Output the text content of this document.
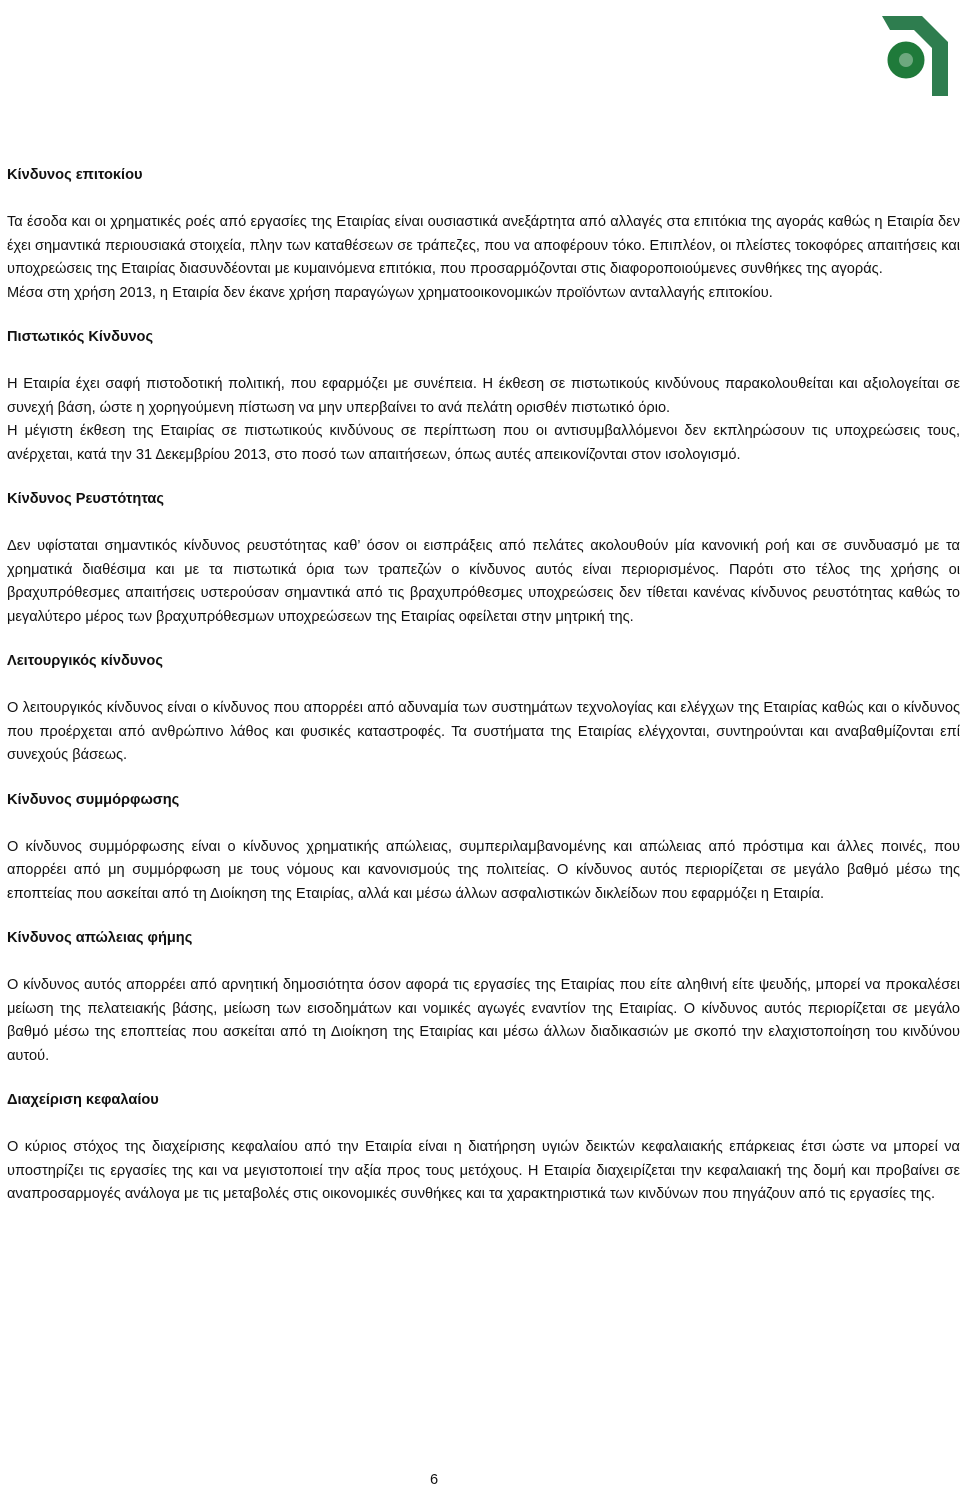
Κίνδυνος επιτοκίου

Τα έσοδα και οι χρηματικές ροές από εργασίες της Εταιρίας είναι ουσιαστικά ανεξάρτητα από αλλαγές στα επιτόκια της αγοράς καθώς η Εταιρία δεν έχει σημαντικά περιουσιακά στοιχεία, πλην των καταθέσεων σε τράπεζες, που να αποφέρουν τόκο. Επιπλέον, οι πλείστες τοκοφόρες απαιτήσεις και υποχρεώσεις της Εταιρίας διασυνδέονται με κυμαινόμενα επιτόκια, που προσαρμόζονται στις διαφοροποιούμενες συνθήκες της αγοράς.

Μέσα στη χρήση 2013, η Εταιρία δεν έκανε χρήση παραγώγων χρηματοοικονομικών προϊόντων ανταλλαγής επιτοκίου.

Πιστωτικός Κίνδυνος

Η Εταιρία έχει σαφή πιστοδοτική πολιτική, που εφαρμόζει με συνέπεια. Η έκθεση σε πιστωτικούς κινδύνους παρακολουθείται και αξιολογείται σε συνεχή βάση, ώστε η χορηγούμενη πίστωση να μην υπερβαίνει το ανά πελάτη ορισθέν πιστωτικό όριο.

Η μέγιστη έκθεση της Εταιρίας σε πιστωτικούς κινδύνους σε περίπτωση που οι αντισυμβαλλόμενοι δεν εκπληρώσουν τις υποχρεώσεις τους, ανέρχεται, κατά την 31 Δεκεμβρίου 2013, στο ποσό των απαιτήσεων, όπως αυτές απεικονίζονται στον ισολογισμό.

Κίνδυνος Ρευστότητας

Δεν υφίσταται σημαντικός κίνδυνος ρευστότητας καθ’ όσον οι εισπράξεις από πελάτες ακολουθούν μία κανονική ροή και σε συνδυασμό με τα χρηματικά διαθέσιμα και με τα πιστωτικά όρια των τραπεζών ο κίνδυνος αυτός είναι περιορισμένος. Παρότι στο τέλος της χρήσης οι βραχυπρόθεσμες απαιτήσεις υστερούσαν σημαντικά από τις βραχυπρόθεσμες υποχρεώσεις δεν τίθεται κανένας κίνδυνος ρευστότητας καθώς το μεγαλύτερο μέρος των βραχυπρόθεσμων υποχρεώσεων της Εταιρίας οφείλεται στην μητρική της.

Λειτουργικός κίνδυνος

Ο λειτουργικός κίνδυνος είναι ο κίνδυνος που απορρέει από αδυναμία των συστημάτων τεχνολογίας και ελέγχων της Εταιρίας καθώς και ο κίνδυνος που προέρχεται από ανθρώπινο λάθος και φυσικές καταστροφές. Τα συστήματα της Εταιρίας ελέγχονται, συντηρούνται και αναβαθμίζονται επί συνεχούς βάσεως.

Κίνδυνος συμμόρφωσης

Ο κίνδυνος συμμόρφωσης είναι ο κίνδυνος χρηματικής απώλειας, συμπεριλαμβανομένης και απώλειας από πρόστιμα και άλλες ποινές, που απορρέει από μη συμμόρφωση με τους νόμους και κανονισμούς της πολιτείας. Ο κίνδυνος αυτός περιορίζεται σε μεγάλο βαθμό μέσω της εποπτείας που ασκείται από τη Διοίκηση της Εταιρίας, αλλά και μέσω άλλων ασφαλιστικών δικλείδων που εφαρμόζει η Εταιρία.

Κίνδυνος απώλειας φήμης

Ο κίνδυνος αυτός απορρέει από αρνητική δημοσιότητα όσον αφορά τις εργασίες της Εταιρίας που είτε αληθινή είτε ψευδής, μπορεί να προκαλέσει μείωση της πελατειακής βάσης, μείωση των εισοδημάτων και νομικές αγωγές εναντίον της Εταιρίας. Ο κίνδυνος αυτός περιορίζεται σε μεγάλο βαθμό μέσω της εποπτείας που ασκείται από τη Διοίκηση της Εταιρίας και μέσω άλλων διαδικασιών με σκοπό την ελαχιστοποίηση του κινδύνου αυτού.

Διαχείριση κεφαλαίου

Ο κύριος στόχος της διαχείρισης κεφαλαίου από την Εταιρία είναι η διατήρηση υγιών δεικτών κεφαλαιακής επάρκειας έτσι ώστε να μπορεί να υποστηρίζει τις εργασίες της και να μεγιστοποιεί την αξία προς τους μετόχους. Η Εταιρία διαχειρίζεται την κεφαλαιακή της δομή και προβαίνει σε αναπροσαρμογές ανάλογα με τις μεταβολές στις οικονομικές συνθήκες και τα χαρακτηριστικά των κινδύνων που πηγάζουν από τις εργασίες της.

6
